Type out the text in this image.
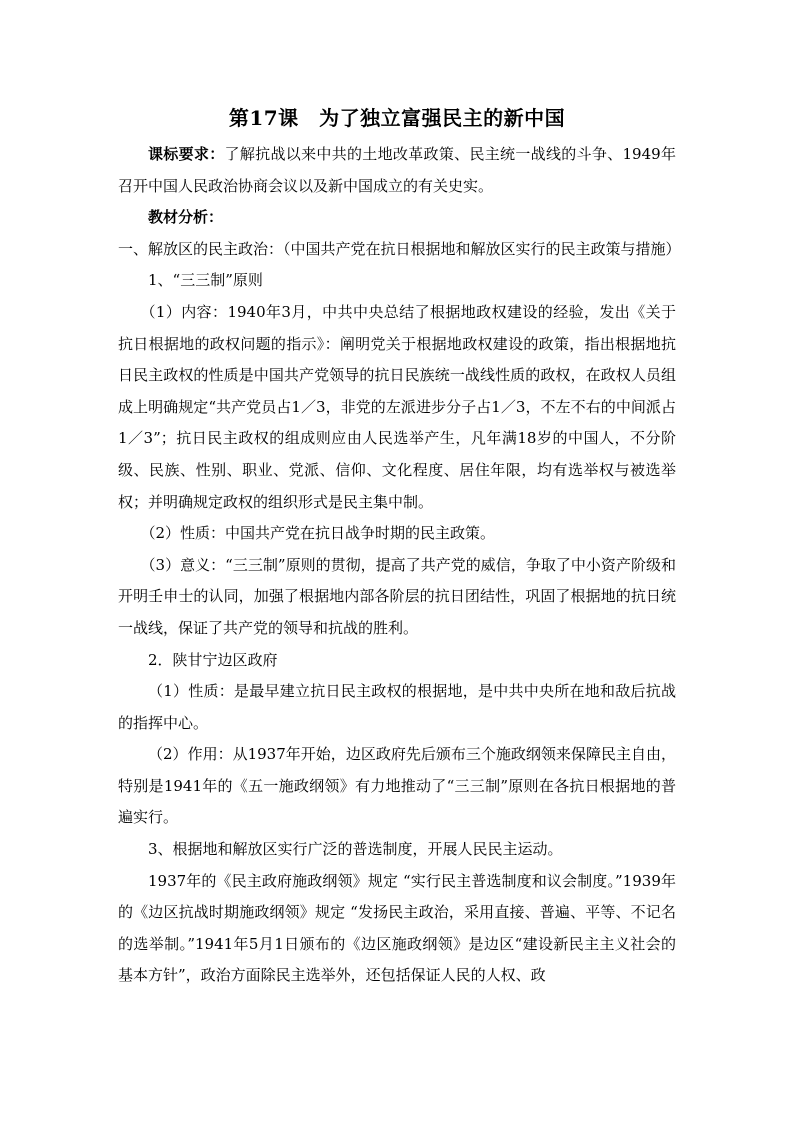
第17课　为了独立富强民主的新中国

课标要求：了解抗战以来中共的土地改革政策、民主统一战线的斗争、1949年召开中国人民政治协商会议以及新中国成立的有关史实。

教材分析：

一、解放区的民主政治：（中国共产党在抗日根据地和解放区实行的民主政策与措施）

1、“三三制”原则

（1）内容：1940年3月，中共中央总结了根据地政权建设的经验，发出《关于抗日根据地的政权问题的指示》：阐明党关于根据地政权建设的政策，指出根据地抗日民主政权的性质是中国共产党领导的抗日民族统一战线性质的政权，在政权人员组成上明确规定“共产党员占1／3，非党的左派进步分子占1／3，不左不右的中间派占1／3”；抗日民主政权的组成则应由人民选举产生，凡年满18岁的中国人，不分阶级、民族、性别、职业、党派、信仰、文化程度、居住年限，均有选举权与被选举权；并明确规定政权的组织形式是民主集中制。

（2）性质：中国共产党在抗日战争时期的民主政策。

（3）意义：“三三制”原则的贯彻，提高了共产党的威信，争取了中小资产阶级和开明壬申士的认同，加强了根据地内部各阶层的抗日团结性，巩固了根据地的抗日统一战线，保证了共产党的领导和抗战的胜利。

2．陕甘宁边区政府

（1）性质：是最早建立抗日民主政权的根据地，是中共中央所在地和敌后抗战的指挥中心。

（2）作用：从1937年开始，边区政府先后颁布三个施政纲领来保障民主自由，特别是1941年的《五一施政纲领》有力地推动了“三三制”原则在各抗日根据地的普遍实行。

3、根据地和解放区实行广泛的普选制度，开展人民民主运动。

1937年的《民主政府施政纲领》规定 “实行民主普选制度和议会制度。”1939年的《边区抗战时期施政纲领》规定 “发扬民主政治，采用直接、普遍、平等、不记名的选举制。”1941年5月1日颁布的《边区施政纲领》是边区“建设新民主主义社会的基本方针”，政治方面除民主选举外，还包括保证人民的人权、政
